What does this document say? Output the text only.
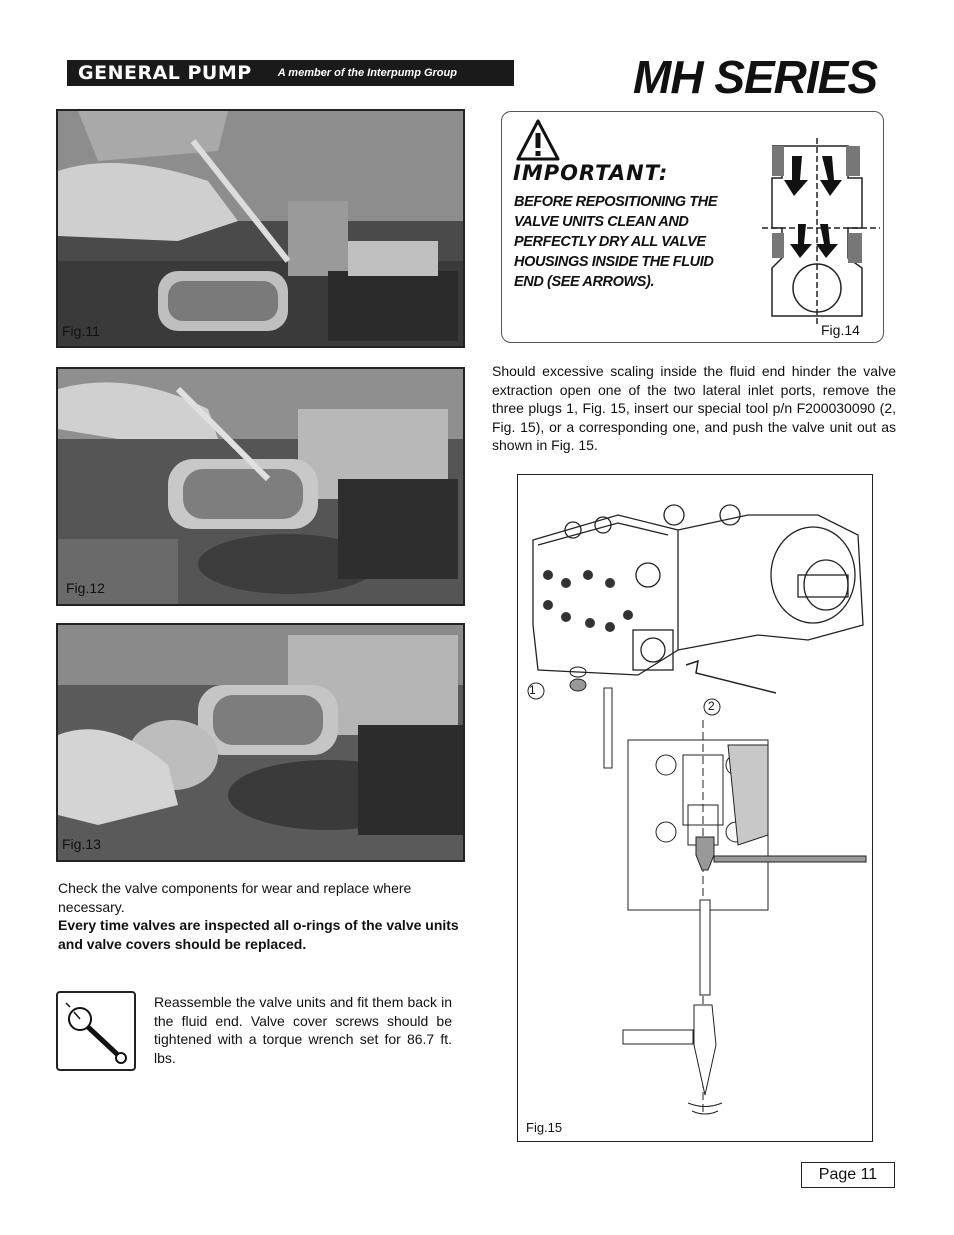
GENERAL PUMP A member of the Interpump Group	MH SERIES
Fig.11
Fig.12
Fig.13
IMPORTANT:
BEFORE REPOSITIONING THE VALVE UNITS CLEAN AND PERFECTLY DRY ALL VALVE HOUSINGS INSIDE THE FLUID END (SEE ARROWS).
Fig.14
Should excessive scaling inside the fluid end hinder the valve extraction open one of the two lateral inlet ports, remove the three plugs 1, Fig. 15, insert our special tool p/n F200030090 (2, Fig. 15), or a corresponding one, and push the valve unit out as shown in Fig. 15.
1
2
Fig.15
Check the valve components for wear and replace where necessary.
Every time valves are inspected all o-rings of the valve units and valve covers should be replaced.
Reassemble the valve units and fit them back in the fluid end. Valve cover screws should be tightened with a torque wrench set for 86.7 ft. lbs.
Page 11
